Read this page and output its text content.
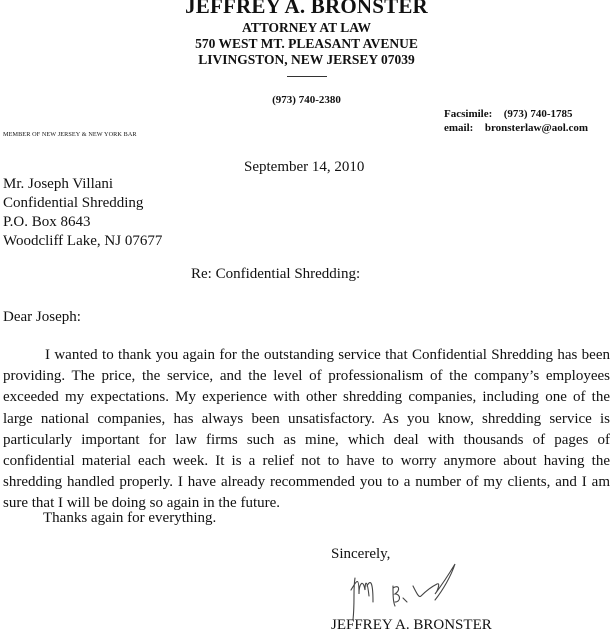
JEFFREY A. BRONSTER
ATTORNEY AT LAW
570 WEST MT. PLEASANT AVENUE
LIVINGSTON, NEW JERSEY 07039
(973) 740-2380
Facsimile: (973) 740-1785
email: bronsterlaw@aol.com
MEMBER OF NEW JERSEY & NEW YORK BAR
September 14, 2010
Mr. Joseph Villani
Confidential Shredding
P.O. Box 8643
Woodcliff Lake, NJ 07677
Re: Confidential Shredding:
Dear Joseph:
I wanted to thank you again for the outstanding service that Confidential Shredding has been providing. The price, the service, and the level of professionalism of the company’s employees exceeded my expectations. My experience with other shredding companies, including one of the large national companies, has always been unsatisfactory. As you know, shredding service is particularly important for law firms such as mine, which deal with thousands of pages of confidential material each week. It is a relief not to have to worry anymore about having the shredding handled properly. I have already recommended you to a number of my clients, and I am sure that I will be doing so again in the future.
Thanks again for everything.
Sincerely,
JEFFREY A. BRONSTER
